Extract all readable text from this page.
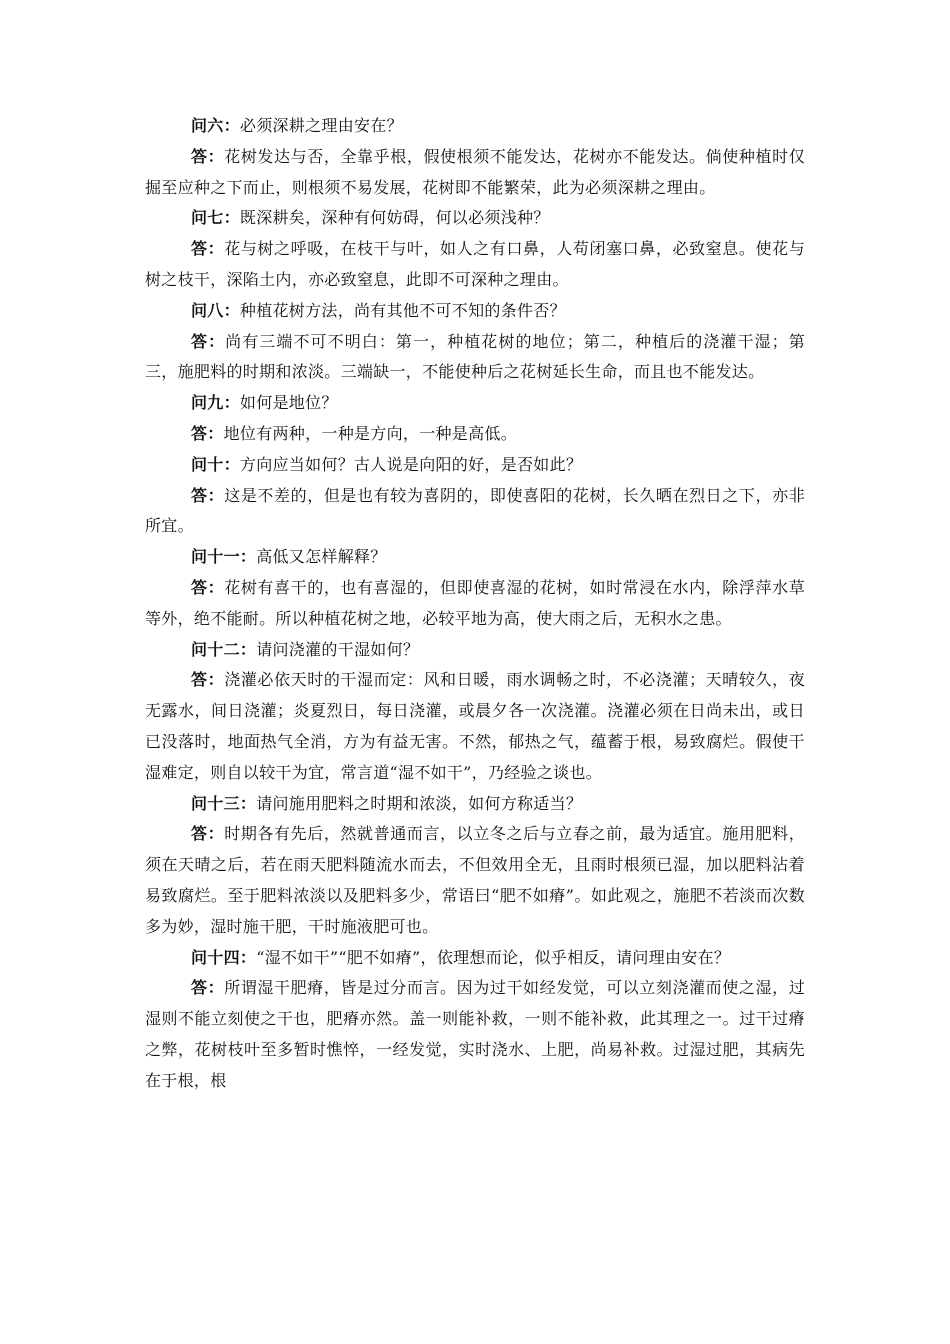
问六：必须深耕之理由安在？

答：花树发达与否，全靠乎根，假使根须不能发达，花树亦不能发达。倘使种植时仅掘至应种之下而止，则根须不易发展，花树即不能繁荣，此为必须深耕之理由。

问七：既深耕矣，深种有何妨碍，何以必须浅种？

答：花与树之呼吸，在枝干与叶，如人之有口鼻，人苟闭塞口鼻，必致窒息。使花与树之枝干，深陷土内，亦必致窒息，此即不可深种之理由。

问八：种植花树方法，尚有其他不可不知的条件否？

答：尚有三端不可不明白：第一，种植花树的地位；第二，种植后的浇灌干湿；第三，施肥料的时期和浓淡。三端缺一，不能使种后之花树延长生命，而且也不能发达。

问九：如何是地位？

答：地位有两种，一种是方向，一种是高低。

问十：方向应当如何？古人说是向阳的好，是否如此？

答：这是不差的，但是也有较为喜阴的，即使喜阳的花树，长久晒在烈日之下，亦非所宜。

问十一：高低又怎样解释？

答：花树有喜干的，也有喜湿的，但即使喜湿的花树，如时常浸在水内，除浮萍水草等外，绝不能耐。所以种植花树之地，必较平地为高，使大雨之后，无积水之患。

问十二：请问浇灌的干湿如何？

答：浇灌必依天时的干湿而定：风和日暖，雨水调畅之时，不必浇灌；天晴较久，夜无露水，间日浇灌；炎夏烈日，每日浇灌，或晨夕各一次浇灌。浇灌必须在日尚未出，或日已没落时，地面热气全消，方为有益无害。不然，郁热之气，蕴蓄于根，易致腐烂。假使干湿难定，则自以较干为宜，常言道“湿不如干”，乃经验之谈也。

问十三：请问施用肥料之时期和浓淡，如何方称适当？

答：时期各有先后，然就普通而言，以立冬之后与立春之前，最为适宜。施用肥料，须在天晴之后，若在雨天肥料随流水而去，不但效用全无，且雨时根须已湿，加以肥料沾着易致腐烂。至于肥料浓淡以及肥料多少，常语曰“肥不如瘠”。如此观之，施肥不若淡而次数多为妙，湿时施干肥，干时施液肥可也。

问十四：“湿不如干”“肥不如瘠”，依理想而论，似乎相反，请问理由安在？

答：所谓湿干肥瘠，皆是过分而言。因为过干如经发觉，可以立刻浇灌而使之湿，过湿则不能立刻使之干也，肥瘠亦然。盖一则能补救，一则不能补救，此其理之一。过干过瘠之弊，花树枝叶至多暂时憔悴，一经发觉，实时浇水、上肥，尚易补救。过湿过肥，其病先在于根，根
